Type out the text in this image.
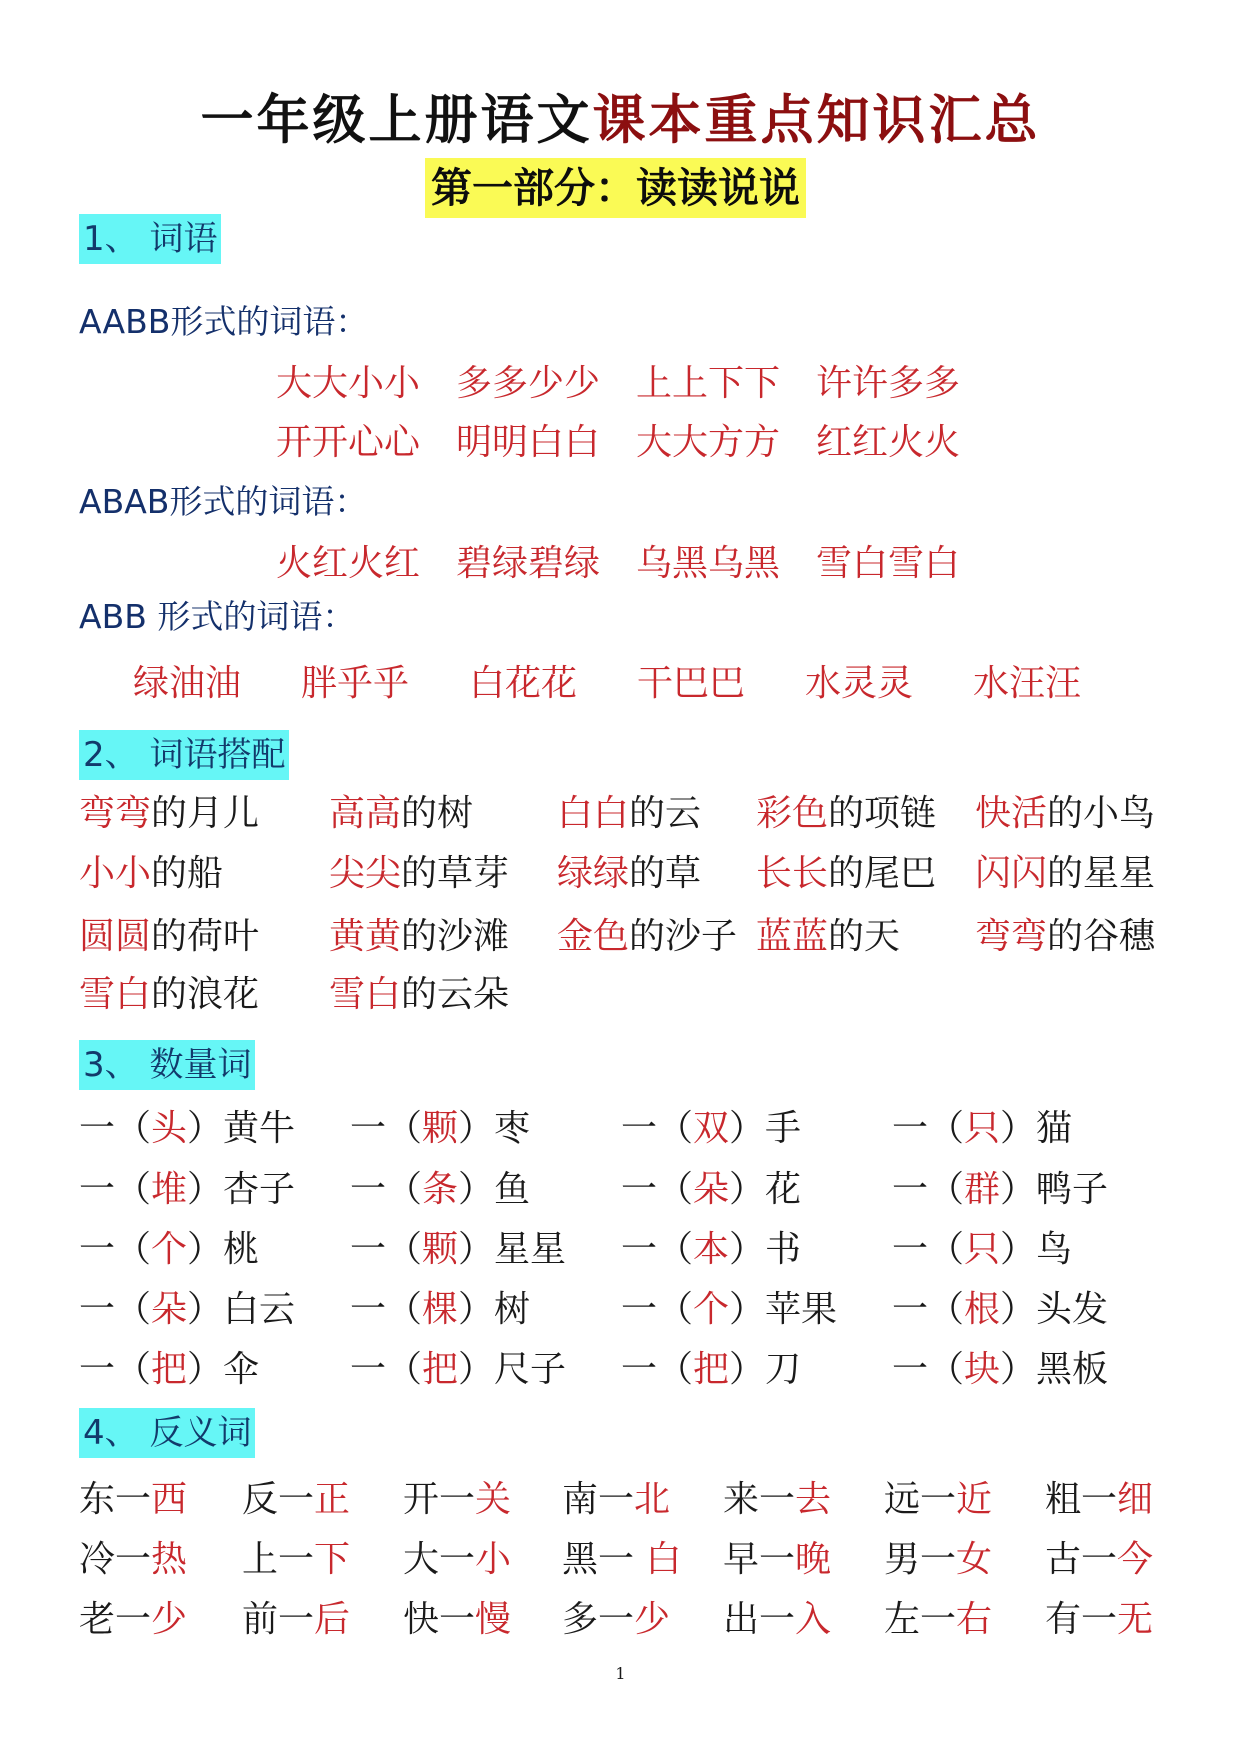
一年级上册语文课本重点知识汇总
第一部分：读读说说
1、 词语
AABB形式的词语：
大大小小 多多少少 上上下下 许许多多
开开心心 明明白白 大大方方 红红火火
ABAB形式的词语：
火红火红 碧绿碧绿 乌黑乌黑 雪白雪白
ABB 形式的词语：
绿油油 胖乎乎 白花花 干巴巴 水灵灵 水汪汪
2、 词语搭配
弯弯的月儿 高高的树 白白的云 彩色的项链 快活的小鸟
小小的船	尖尖的草芽 绿绿的草 长长的尾巴 闪闪的星星
圆圆的荷叶 黄黄的沙滩 金色的沙子 蓝蓝的天 弯弯的谷穗
雪白的浪花 雪白的云朵
3、 数量词
一（头）黄牛 一（颗）枣	一（双）手	一（只）猫
一（堆）杏子 一（条）鱼	一（朵）花	一（群）鸭子
一（个）桃	一（颗）星星 一（本）书	一（只）鸟
一（朵）白云 一（棵）树	一（个）苹果 一（根）头发
一（把）伞	一（把）尺子 一（把）刀	一（块）黑板
4、 反义词
东一西 反一正 开一关 南一北 来一去 远一近 粗一细
冷一热 上一下 大一小 黑一 白 早一晚 男一女 古一今
老一少 前一后 快一慢 多一少 出一入 左一右 有一无
1
